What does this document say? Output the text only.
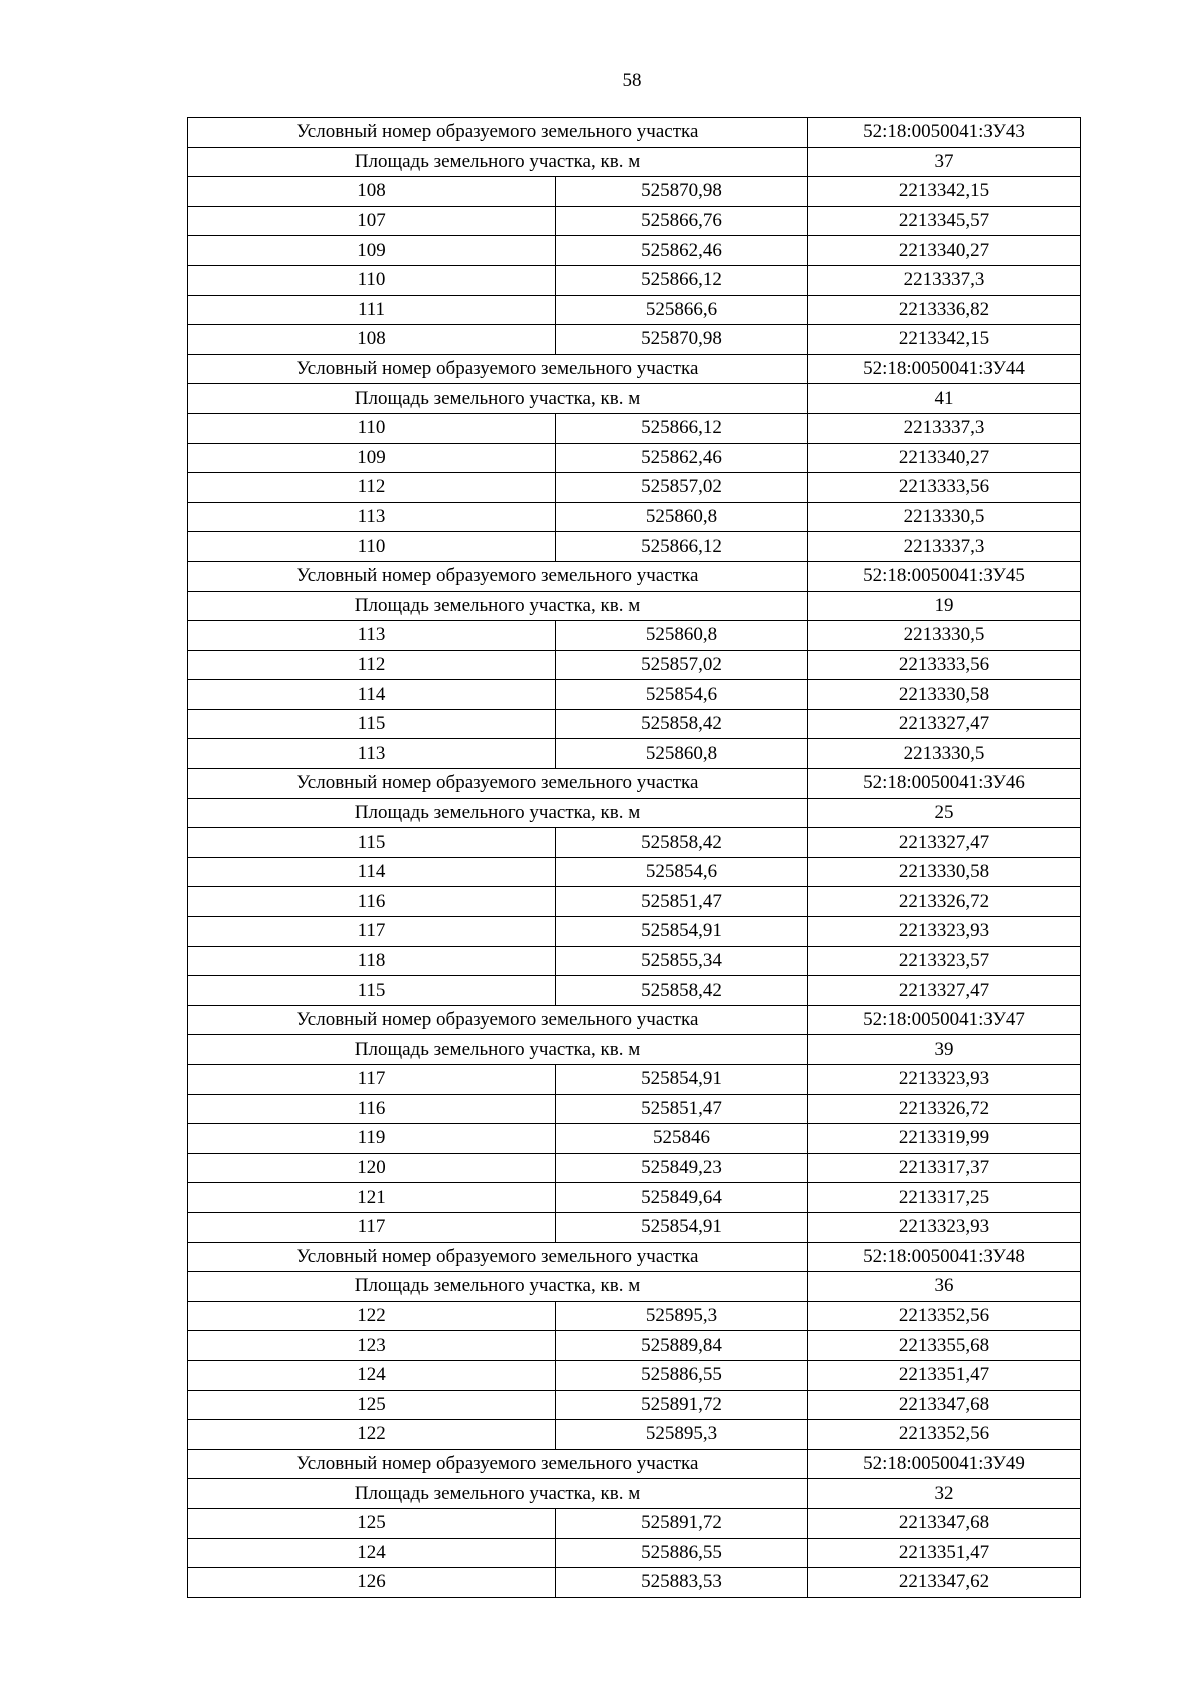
58
Условный номер образуемого земельного участка		52:18:0050041:ЗУ43
Площадь земельного участка, кв. м		37
108	525870,98	2213342,15
107	525866,76	2213345,57
109	525862,46	2213340,27
110	525866,12	2213337,3
111	525866,6	2213336,82
108	525870,98	2213342,15
Условный номер образуемого земельного участка		52:18:0050041:ЗУ44
Площадь земельного участка, кв. м		41
110	525866,12	2213337,3
109	525862,46	2213340,27
112	525857,02	2213333,56
113	525860,8	2213330,5
110	525866,12	2213337,3
Условный номер образуемого земельного участка		52:18:0050041:ЗУ45
Площадь земельного участка, кв. м		19
113	525860,8	2213330,5
112	525857,02	2213333,56
114	525854,6	2213330,58
115	525858,42	2213327,47
113	525860,8	2213330,5
Условный номер образуемого земельного участка		52:18:0050041:ЗУ46
Площадь земельного участка, кв. м		25
115	525858,42	2213327,47
114	525854,6	2213330,58
116	525851,47	2213326,72
117	525854,91	2213323,93
118	525855,34	2213323,57
115	525858,42	2213327,47
Условный номер образуемого земельного участка		52:18:0050041:ЗУ47
Площадь земельного участка, кв. м		39
117	525854,91	2213323,93
116	525851,47	2213326,72
119	525846	2213319,99
120	525849,23	2213317,37
121	525849,64	2213317,25
117	525854,91	2213323,93
Условный номер образуемого земельного участка		52:18:0050041:ЗУ48
Площадь земельного участка, кв. м		36
122	525895,3	2213352,56
123	525889,84	2213355,68
124	525886,55	2213351,47
125	525891,72	2213347,68
122	525895,3	2213352,56
Условный номер образуемого земельного участка		52:18:0050041:ЗУ49
Площадь земельного участка, кв. м		32
125	525891,72	2213347,68
124	525886,55	2213351,47
126	525883,53	2213347,62
